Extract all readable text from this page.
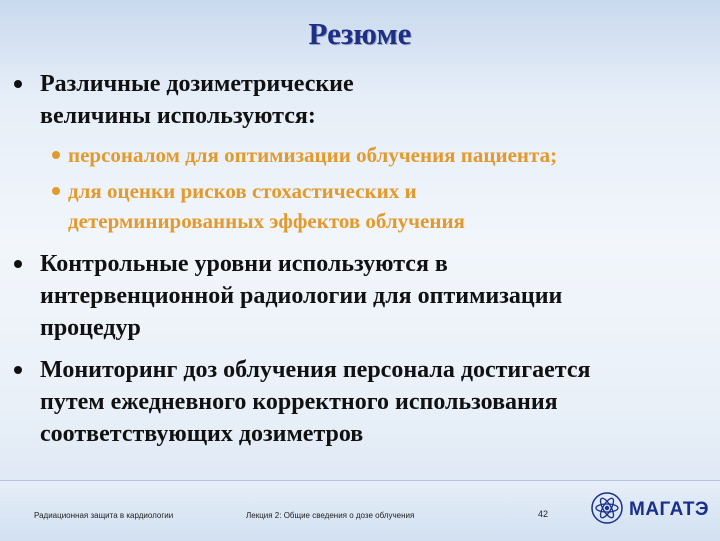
Резюме
Различные дозиметрические
величины используются:
персоналом для оптимизации облучения пациента;
для оценки рисков стохастических и
детерминированных эффектов облучения
Контрольные уровни используются в
интервенционной радиологии для оптимизации
процедур
Мониторинг доз облучения персонала достигается
путем ежедневного корректного использования
соответствующих дозиметров
Радиационная защита в кардиологии	Лекция 2: Общие сведения о дозе облучения	42	МАГАТЭ
